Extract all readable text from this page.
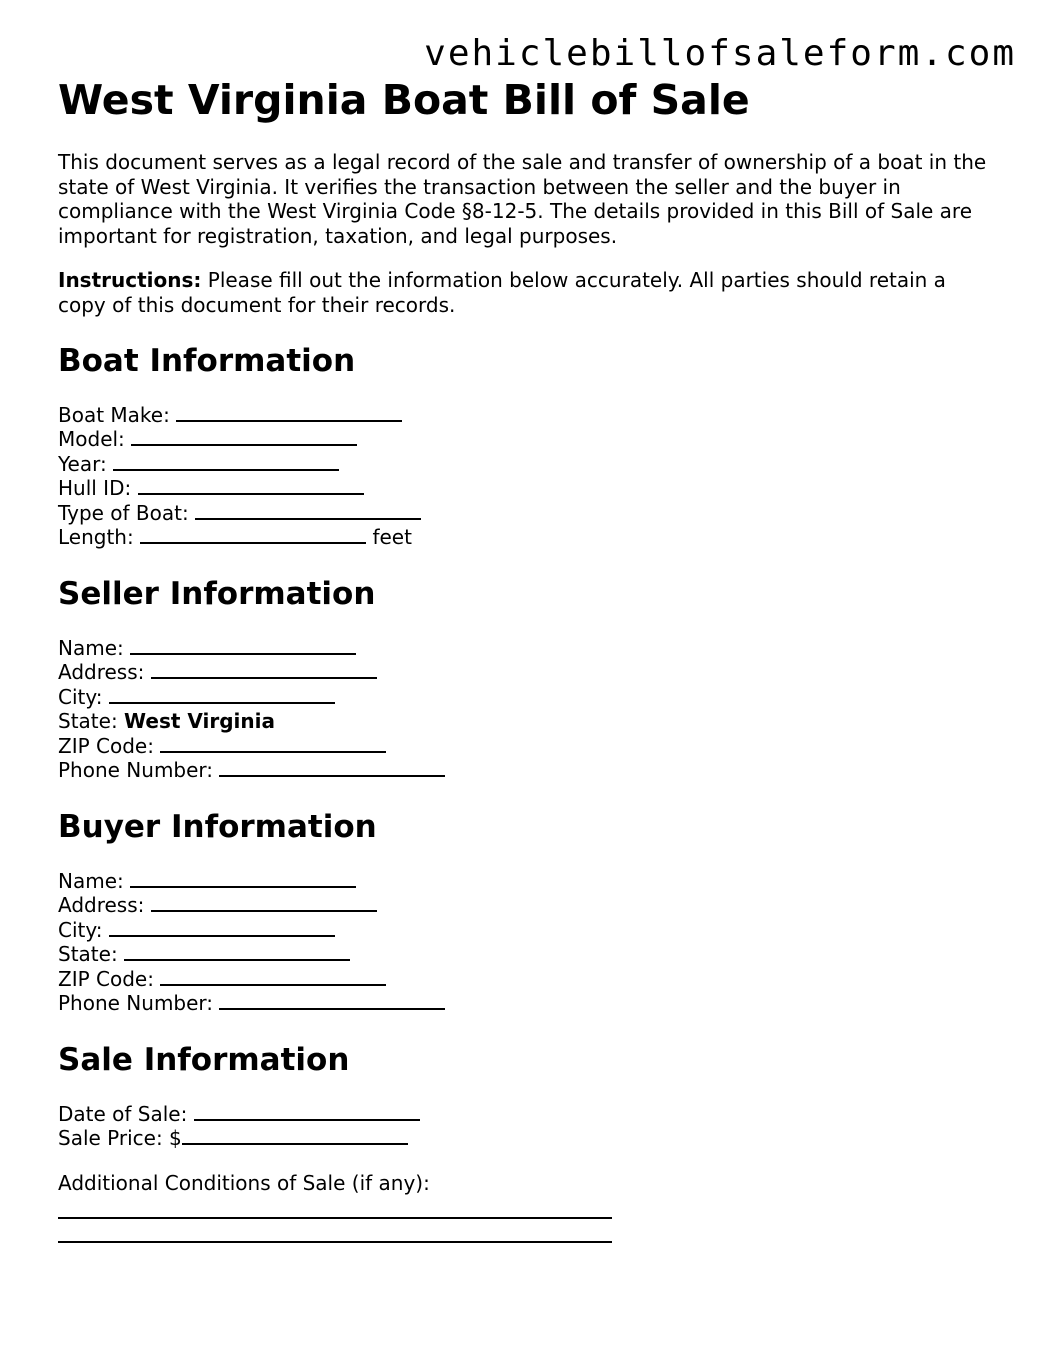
vehiclebillofsaleform.com
West Virginia Boat Bill of Sale

This document serves as a legal record of the sale and transfer of ownership of a boat in the state of West Virginia. It verifies the transaction between the seller and the buyer in compliance with the West Virginia Code §8-12-5. The details provided in this Bill of Sale are important for registration, taxation, and legal purposes.

Instructions: Please fill out the information below accurately. All parties should retain a copy of this document for their records.

Boat Information
Boat Make:
Model:
Year:
Hull ID:
Type of Boat:
Length:	feet
Seller Information
Name:
Address:
City:
State: West Virginia
ZIP Code:
Phone Number:
Buyer Information
Name:
Address:
City:
State:
ZIP Code:
Phone Number:
Sale Information
Date of Sale:
Sale Price: $
Additional Conditions of Sale (if any):
